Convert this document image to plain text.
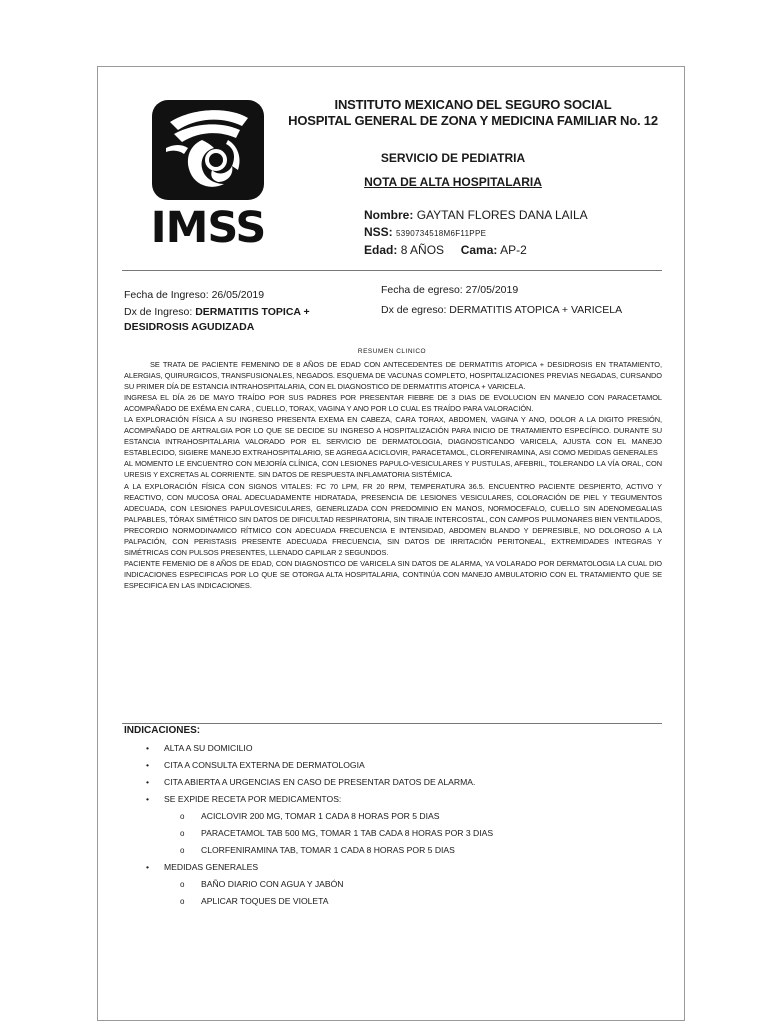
IMSS
INSTITUTO MEXICANO DEL SEGURO SOCIAL
HOSPITAL GENERAL DE ZONA Y MEDICINA FAMILIAR No. 12
SERVICIO DE PEDIATRIA
NOTA DE ALTA HOSPITALARIA
Nombre: GAYTAN FLORES DANA LAILA
NSS: 5390734518M6F11PPE
Edad: 8 AÑOS Cama: AP-2
Fecha de Ingreso: 26/05/2019	Fecha de egreso: 27/05/2019
Dx de Ingreso: DERMATITIS TOPICA + DESIDROSIS AGUDIZADA
Dx de egreso: DERMATITIS ATOPICA + VARICELA
RESUMEN CLINICO

SE TRATA DE PACIENTE FEMENINO DE 8 AÑOS DE EDAD CON ANTECEDENTES DE DERMATITIS ATOPICA + DESIDROSIS EN TRATAMIENTO, ALERGIAS, QUIRURGICOS, TRANSFUSIONALES, NEGADOS. ESQUEMA DE VACUNAS COMPLETO, HOSPITALIZACIONES PREVIAS NEGADAS, CURSANDO SU PRIMER DÍA DE ESTANCIA INTRAHOSPITALARIA, CON EL DIAGNOSTICO DE DERMATITIS ATOPICA + VARICELA.

INGRESA EL DÍA 26 DE MAYO TRAÍDO POR SUS PADRES POR PRESENTAR FIEBRE DE 3 DIAS DE EVOLUCION EN MANEJO CON PARACETAMOL ACOMPAÑADO DE EXÉMA EN CARA , CUELLO, TORAX, VAGINA Y ANO POR LO CUAL ES TRAÍDO PARA VALORACIÓN.

LA EXPLORACIÓN FÍSICA A SU INGRESO PRESENTA EXEMA EN CABEZA, CARA TORAX, ABDOMEN, VAGINA Y ANO, DOLOR A LA DIGITO PRESIÓN, ACOMPAÑADO DE ARTRALGIA POR LO QUE SE DECIDE SU INGRESO A HOSPITALIZACIÓN PARA INICIO DE TRATAMIENTO ESPECÍFICO. DURANTE SU ESTANCIA INTRAHOSPITALARIA VALORADO POR EL SERVICIO DE DERMATOLOGIA, DIAGNOSTICANDO VARICELA, AJUSTA CON EL MANEJO ESTABLECIDO, SIGIERE MANEJO EXTRAHOSPITALARIO, SE AGREGA ACICLOVIR, PARACETAMOL, CLORFENIRAMINA, ASI COMO MEDIDAS GENERALES

AL MOMENTO LE ENCUENTRO CON MEJORÍA CLÍNICA, CON LESIONES PAPULO-VESICULARES Y PUSTULAS, AFEBRIL, TOLERANDO LA VÍA ORAL, CON URESIS Y EXCRETAS AL CORRIENTE. SIN DATOS DE RESPUESTA INFLAMATORIA SISTÉMICA.

A LA EXPLORACIÓN FÍSICA CON SIGNOS VITALES: FC 70 LPM, FR 20 RPM, TEMPERATURA 36.5. ENCUENTRO PACIENTE DESPIERTO, ACTIVO Y REACTIVO, CON MUCOSA ORAL ADECUADAMENTE HIDRATADA, PRESENCIA DE LESIONES VESICULARES, COLORACIÓN DE PIEL Y TEGUMENTOS ADECUADA, CON LESIONES PAPULOVESICULARES, GENERLIZADA CON PREDOMINIO EN MANOS, NORMOCEFALO, CUELLO SIN ADENOMEGALIAS PALPABLES, TÓRAX SIMÉTRICO SIN DATOS DE DIFICULTAD RESPIRATORIA, SIN TIRAJE INTERCOSTAL, CON CAMPOS PULMONARES BIEN VENTILADOS, PRECORDIO NORMODINAMICO RÍTMICO CON ADECUADA FRECUENCIA E INTENSIDAD, ABDOMEN BLANDO Y DEPRESIBLE, NO DOLOROSO A LA PALPACIÓN, CON PERISTASIS PRESENTE ADECUADA FRECUENCIA, SIN DATOS DE IRRITACIÓN PERITONEAL, EXTREMIDADES INTEGRAS Y SIMÉTRICAS CON PULSOS PRESENTES, LLENADO CAPILAR 2 SEGUNDOS.

PACIENTE FEMENIO DE 8 AÑOS DE EDAD, CON DIAGNOSTICO DE VARICELA SIN DATOS DE ALARMA, YA VOLARADO POR DERMATOLOGIA LA CUAL DIO INDICACIONES ESPECIFICAS POR LO QUE SE OTORGA ALTA HOSPITALARIA, CONTINÚA CON MANEJO AMBULATORIO CON EL TRATAMIENTO QUE SE ESPECIFICA EN LAS INDICACIONES.

INDICACIONES:
• ALTA A SU DOMICILIO
• CITA A CONSULTA EXTERNA DE DERMATOLOGIA
• CITA ABIERTA A URGENCIAS EN CASO DE PRESENTAR DATOS DE ALARMA.
• SE EXPIDE RECETA POR MEDICAMENTOS:
o ACICLOVIR 200 MG, TOMAR 1 CADA 8 HORAS POR 5 DIAS
o PARACETAMOL TAB 500 MG, TOMAR 1 TAB CADA 8 HORAS POR 3 DIAS
o CLORFENIRAMINA TAB, TOMAR 1 CADA 8 HORAS POR 5 DIAS
• MEDIDAS GENERALES
o BAÑO DIARIO CON AGUA Y JABÓN
o APLICAR TOQUES DE VIOLETA
